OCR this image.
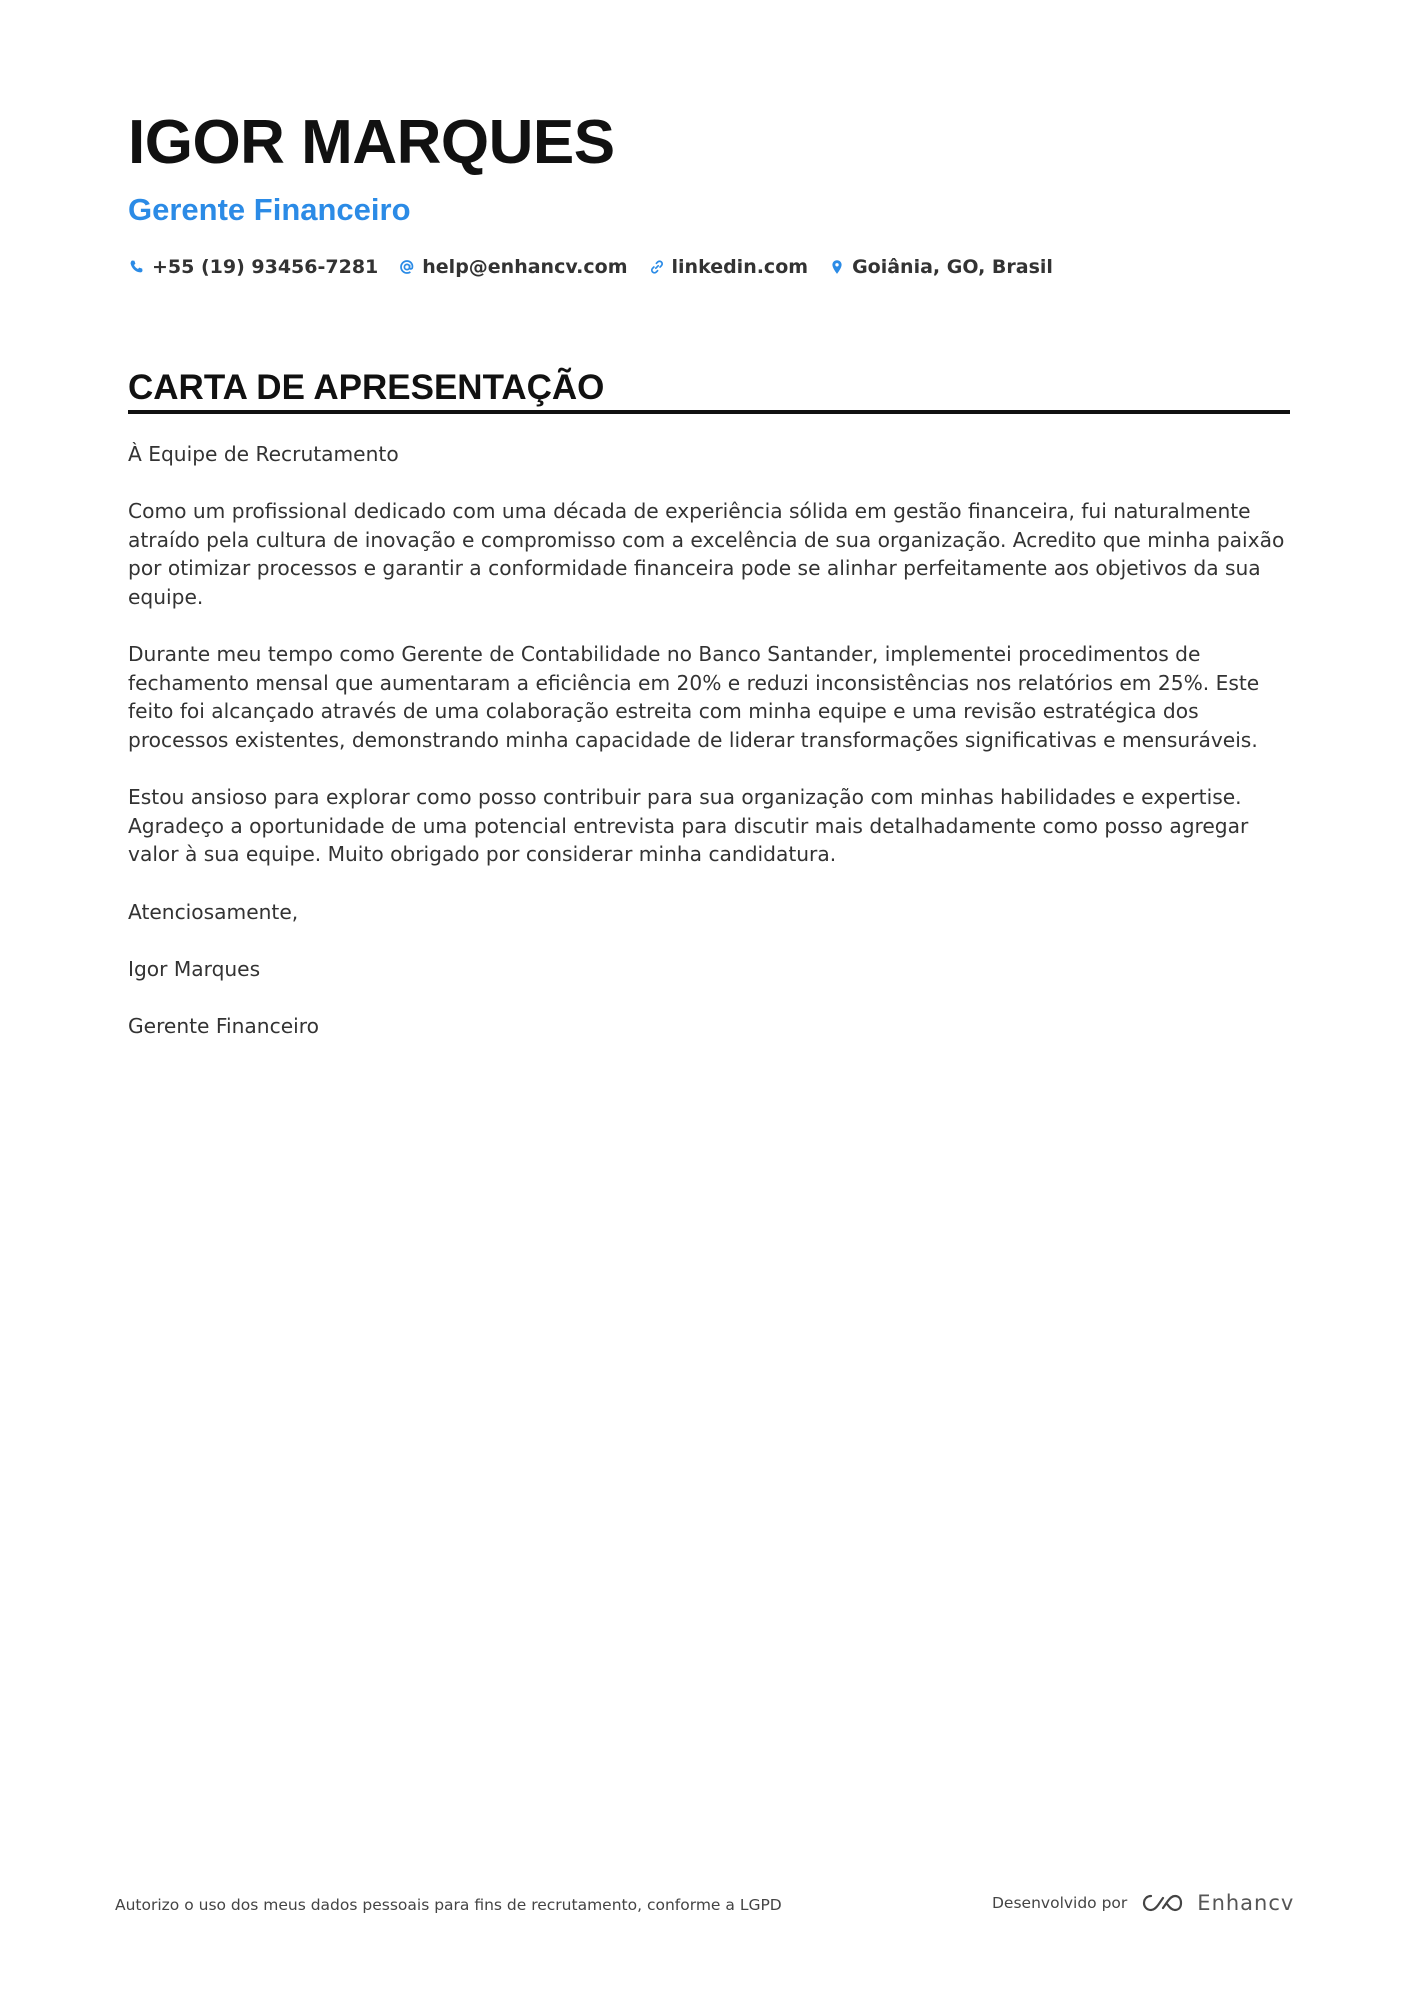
IGOR MARQUES
Gerente Financeiro
+55 (19) 93456-7281 help@enhancv.com linkedin.com Goiânia, GO, Brasil
CARTA DE APRESENTAÇÃO

À Equipe de Recrutamento

Como um profissional dedicado com uma década de experiência sólida em gestão financeira, fui naturalmente atraído pela cultura de inovação e compromisso com a excelência de sua organização. Acredito que minha paixão por otimizar processos e garantir a conformidade financeira pode se alinhar perfeitamente aos objetivos da sua equipe.

Durante meu tempo como Gerente de Contabilidade no Banco Santander, implementei procedimentos de fechamento mensal que aumentaram a eficiência em 20% e reduzi inconsistências nos relatórios em 25%. Este feito foi alcançado através de uma colaboração estreita com minha equipe e uma revisão estratégica dos processos existentes, demonstrando minha capacidade de liderar transformações significativas e mensuráveis.

Estou ansioso para explorar como posso contribuir para sua organização com minhas habilidades e expertise. Agradeço a oportunidade de uma potencial entrevista para discutir mais detalhadamente como posso agregar valor à sua equipe. Muito obrigado por considerar minha candidatura.

Atenciosamente,

Igor Marques

Gerente Financeiro

Autorizo o uso dos meus dados pessoais para fins de recrutamento, conforme a LGPD	Desenvolvido por	Enhancv
